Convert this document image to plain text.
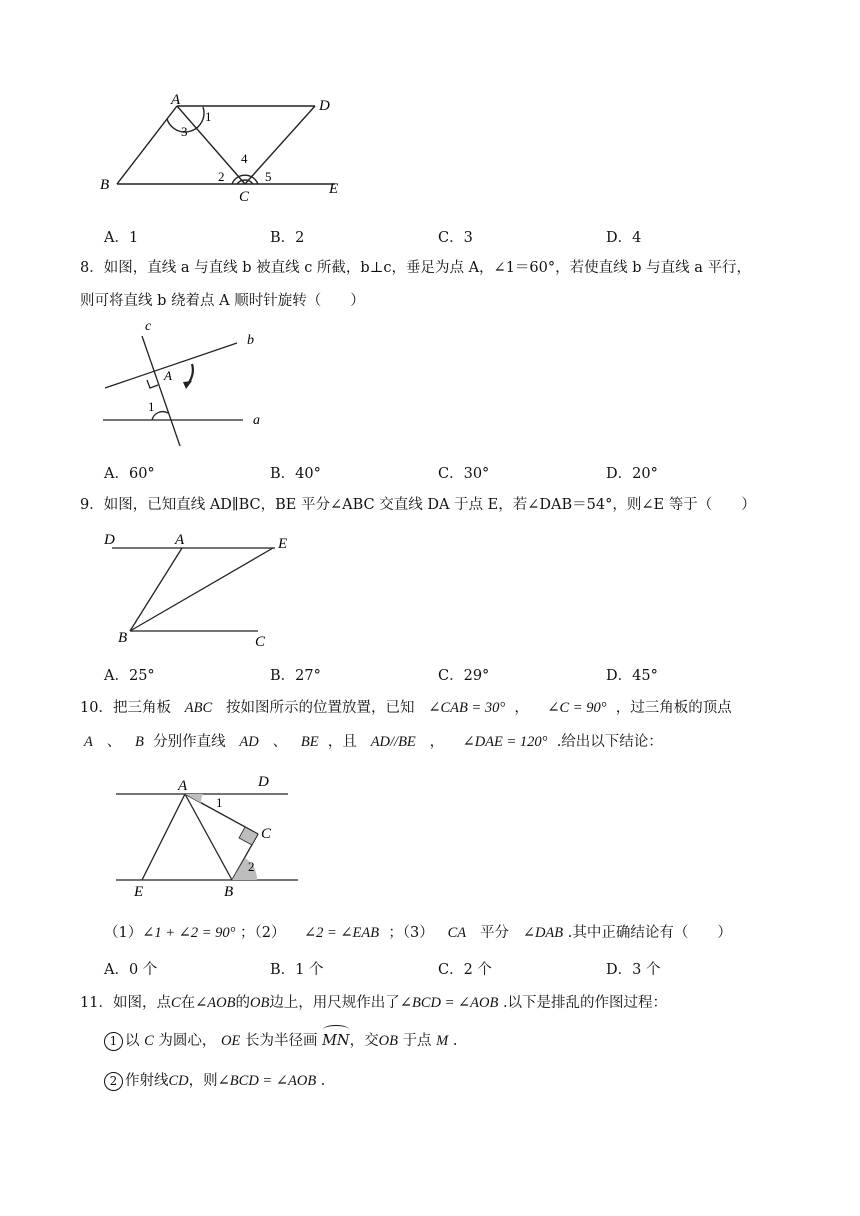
A	D
B
C	E
1
3
4
2	5
A．1	B．2	C．3	D．4
8．如图，直线 a 与直线 b 被直线 c 所截，b⊥c，垂足为点 A，∠1＝60°，若使直线 b 与直线 a 平行，
则可将直线 b 绕着点 A 顺时针旋转（　　）
c
b
a
A
1
A．60°	B．40°	C．30°	D．20°
9．如图，已知直线 AD∥BC，BE 平分∠ABC 交直线 DA 于点 E，若∠DAB＝54°，则∠E 等于（　　）
D	A	E
B	C
A．25°	B．27°	C．29°	D．45°
10．把三角板 ABC 按如图所示的位置放置，已知 ∠CAB = 30° ， ∠C = 90° ，过三角板的顶点
A 、 B 分别作直线 AD 、 BE ，且 AD//BE ， ∠DAE = 120° .给出以下结论：
A	D
C
E	B
1
2
（1）∠1 + ∠2 = 90° ；（2） ∠2 = ∠EAB ；（3） CA 平分 ∠DAB .其中正确结论有（　　）
A．0 个	B．1 个	C．2 个	D．3 个
11．如图，点C在∠AOB的OB边上，用尺规作出了∠BCD = ∠AOB .以下是排乱的作图过程：
1 以 C 为圆心， OE 长为半径画 MN，交OB 于点 M .
2 作射线CD，则∠BCD = ∠AOB .
